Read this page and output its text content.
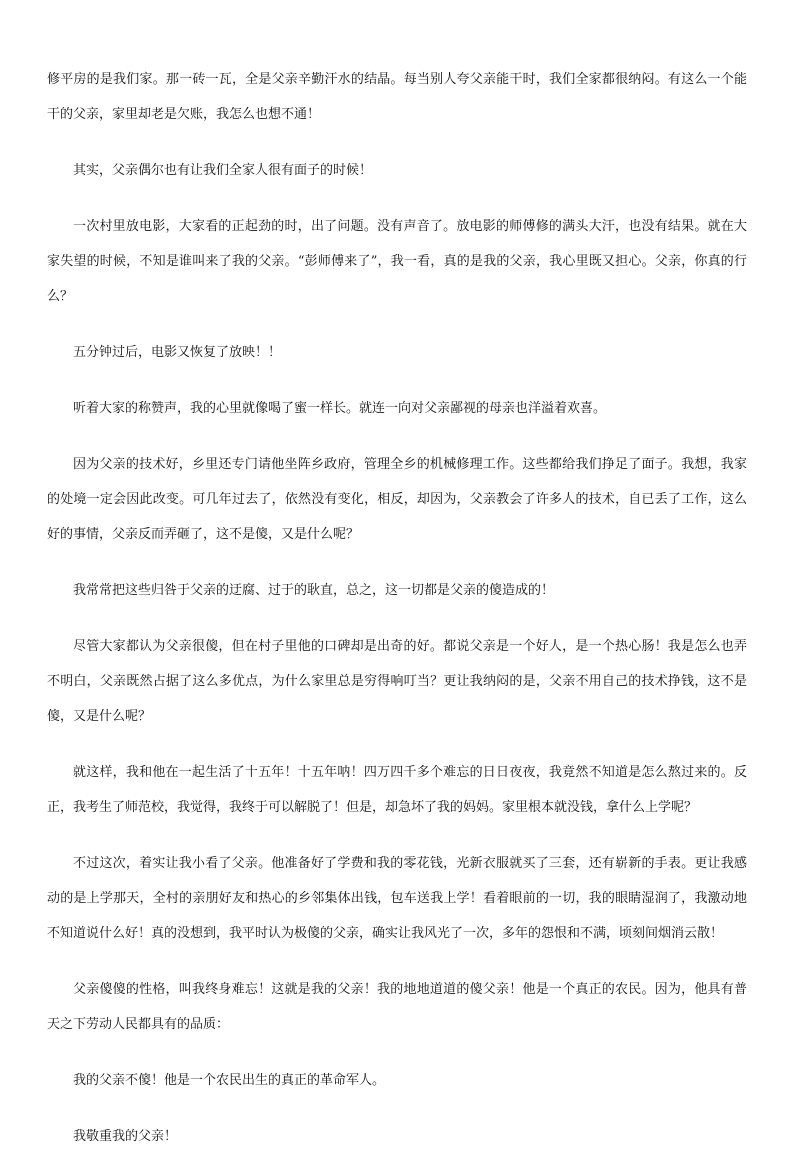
修平房的是我们家。那一砖一瓦，全是父亲辛勤汗水的结晶。每当别人夸父亲能干时，我们全家都很纳闷。有这么一个能干的父亲，家里却老是欠账，我怎么也想不通！

其实，父亲偶尔也有让我们全家人很有面子的时候！

一次村里放电影，大家看的正起劲的时，出了问题。没有声音了。放电影的师傅修的满头大汗，也没有结果。就在大家失望的时候，不知是谁叫来了我的父亲。“彭师傅来了”，我一看，真的是我的父亲，我心里既又担心。父亲，你真的行么？

五分钟过后，电影又恢复了放映！！

听着大家的称赞声，我的心里就像喝了蜜一样长。就连一向对父亲鄙视的母亲也洋溢着欢喜。

因为父亲的技术好，乡里还专门请他坐阵乡政府，管理全乡的机械修理工作。这些都给我们挣足了面子。我想，我家的处境一定会因此改变。可几年过去了，依然没有变化，相反，却因为，父亲教会了许多人的技术，自已丢了工作，这么好的事情，父亲反而弄砸了，这不是傻，又是什么呢？

我常常把这些归咎于父亲的迂腐、过于的耿直，总之，这一切都是父亲的傻造成的！

尽管大家都认为父亲很傻，但在村子里他的口碑却是出奇的好。都说父亲是一个好人，是一个热心肠！我是怎么也弄不明白，父亲既然占据了这么多优点，为什么家里总是穷得响叮当？更让我纳闷的是，父亲不用自己的技术挣钱，这不是傻，又是什么呢？

就这样，我和他在一起生活了十五年！十五年呐！四万四千多个难忘的日日夜夜，我竟然不知道是怎么熬过来的。反正，我考生了师范校，我觉得，我终于可以解脱了！但是，却急坏了我的妈妈。家里根本就没钱，拿什么上学呢？

不过这次，着实让我小看了父亲。他准备好了学费和我的零花钱，光新衣服就买了三套，还有崭新的手表。更让我感动的是上学那天，全村的亲朋好友和热心的乡邻集体出钱，包车送我上学！看着眼前的一切，我的眼睛湿润了，我激动地不知道说什么好！真的没想到，我平时认为极傻的父亲，确实让我风光了一次，多年的怨恨和不满，顷刻间烟消云散！

父亲傻傻的性格，叫我终身难忘！这就是我的父亲！我的地地道道的傻父亲！他是一个真正的农民。因为，他具有普天之下劳动人民都具有的品质：

我的父亲不傻！他是一个农民出生的真正的革命军人。

我敬重我的父亲！
